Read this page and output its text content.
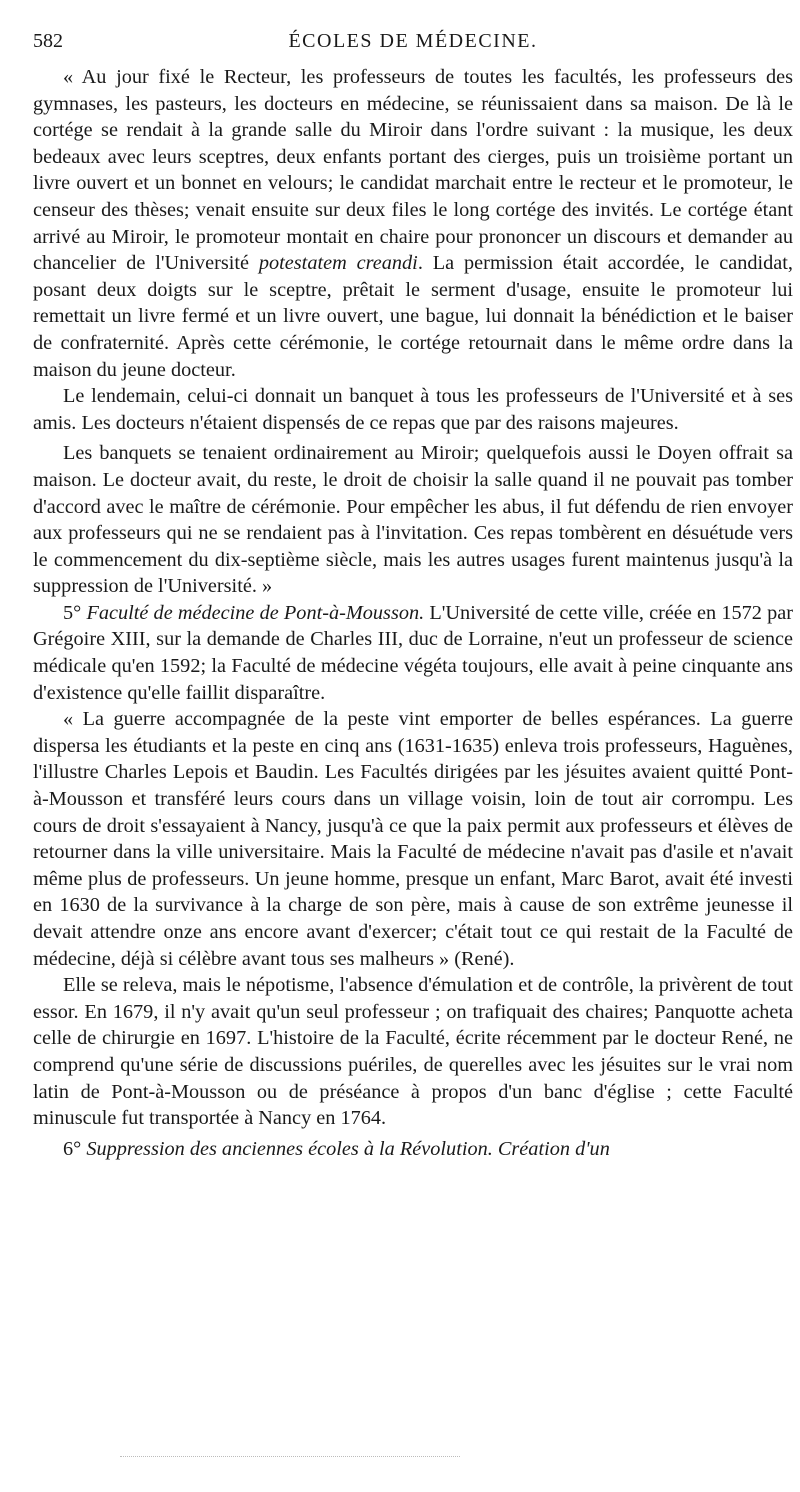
582	ÉCOLES DE MÉDECINE.

« Au jour fixé le Recteur, les professeurs de toutes les facultés, les professeurs des gymnases, les pasteurs, les docteurs en médecine, se réunissaient dans sa maison. De là le cortége se rendait à la grande salle du Miroir dans l'ordre suivant : la musique, les deux bedeaux avec leurs sceptres, deux enfants portant des cierges, puis un troisième portant un livre ouvert et un bonnet en velours; le candidat marchait entre le recteur et le promoteur, le censeur des thèses; venait ensuite sur deux files le long cortége des invités. Le cortége étant arrivé au Miroir, le promoteur montait en chaire pour prononcer un discours et demander au chancelier de l'Université potestatem creandi. La permission était accordée, le candidat, posant deux doigts sur le sceptre, prêtait le serment d'usage, ensuite le promoteur lui remettait un livre fermé et un livre ouvert, une bague, lui donnait la bénédiction et le baiser de confraternité. Après cette cérémonie, le cortége retournait dans le même ordre dans la maison du jeune docteur.

Le lendemain, celui-ci donnait un banquet à tous les professeurs de l'Université et à ses amis. Les docteurs n'étaient dispensés de ce repas que par des raisons majeures.

Les banquets se tenaient ordinairement au Miroir; quelquefois aussi le Doyen offrait sa maison. Le docteur avait, du reste, le droit de choisir la salle quand il ne pouvait pas tomber d'accord avec le maître de cérémonie. Pour empêcher les abus, il fut défendu de rien envoyer aux professeurs qui ne se rendaient pas à l'invitation. Ces repas tombèrent en désuétude vers le commencement du dix-septième siècle, mais les autres usages furent maintenus jusqu'à la suppression de l'Université. »

5° Faculté de médecine de Pont-à-Mousson. L'Université de cette ville, créée en 1572 par Grégoire XIII, sur la demande de Charles III, duc de Lorraine, n'eut un professeur de science médicale qu'en 1592; la Faculté de médecine végéta toujours, elle avait à peine cinquante ans d'existence qu'elle faillit disparaître.

« La guerre accompagnée de la peste vint emporter de belles espérances. La guerre dispersa les étudiants et la peste en cinq ans (1631-1635) enleva trois professeurs, Haguènes, l'illustre Charles Lepois et Baudin. Les Facultés dirigées par les jésuites avaient quitté Pont-à-Mousson et transféré leurs cours dans un village voisin, loin de tout air corrompu. Les cours de droit s'essayaient à Nancy, jusqu'à ce que la paix permit aux professeurs et élèves de retourner dans la ville universitaire. Mais la Faculté de médecine n'avait pas d'asile et n'avait même plus de professeurs. Un jeune homme, presque un enfant, Marc Barot, avait été investi en 1630 de la survivance à la charge de son père, mais à cause de son extrême jeunesse il devait attendre onze ans encore avant d'exercer; c'était tout ce qui restait de la Faculté de médecine, déjà si célèbre avant tous ses malheurs » (René).

Elle se releva, mais le népotisme, l'absence d'émulation et de contrôle, la privèrent de tout essor. En 1679, il n'y avait qu'un seul professeur ; on trafiquait des chaires; Panquotte acheta celle de chirurgie en 1697. L'histoire de la Faculté, écrite récemment par le docteur René, ne comprend qu'une série de discussions puériles, de querelles avec les jésuites sur le vrai nom latin de Pont-à-Mousson ou de préséance à propos d'un banc d'église ; cette Faculté minuscule fut transportée à Nancy en 1764.

6° Suppression des anciennes écoles à la Révolution. Création d'un
